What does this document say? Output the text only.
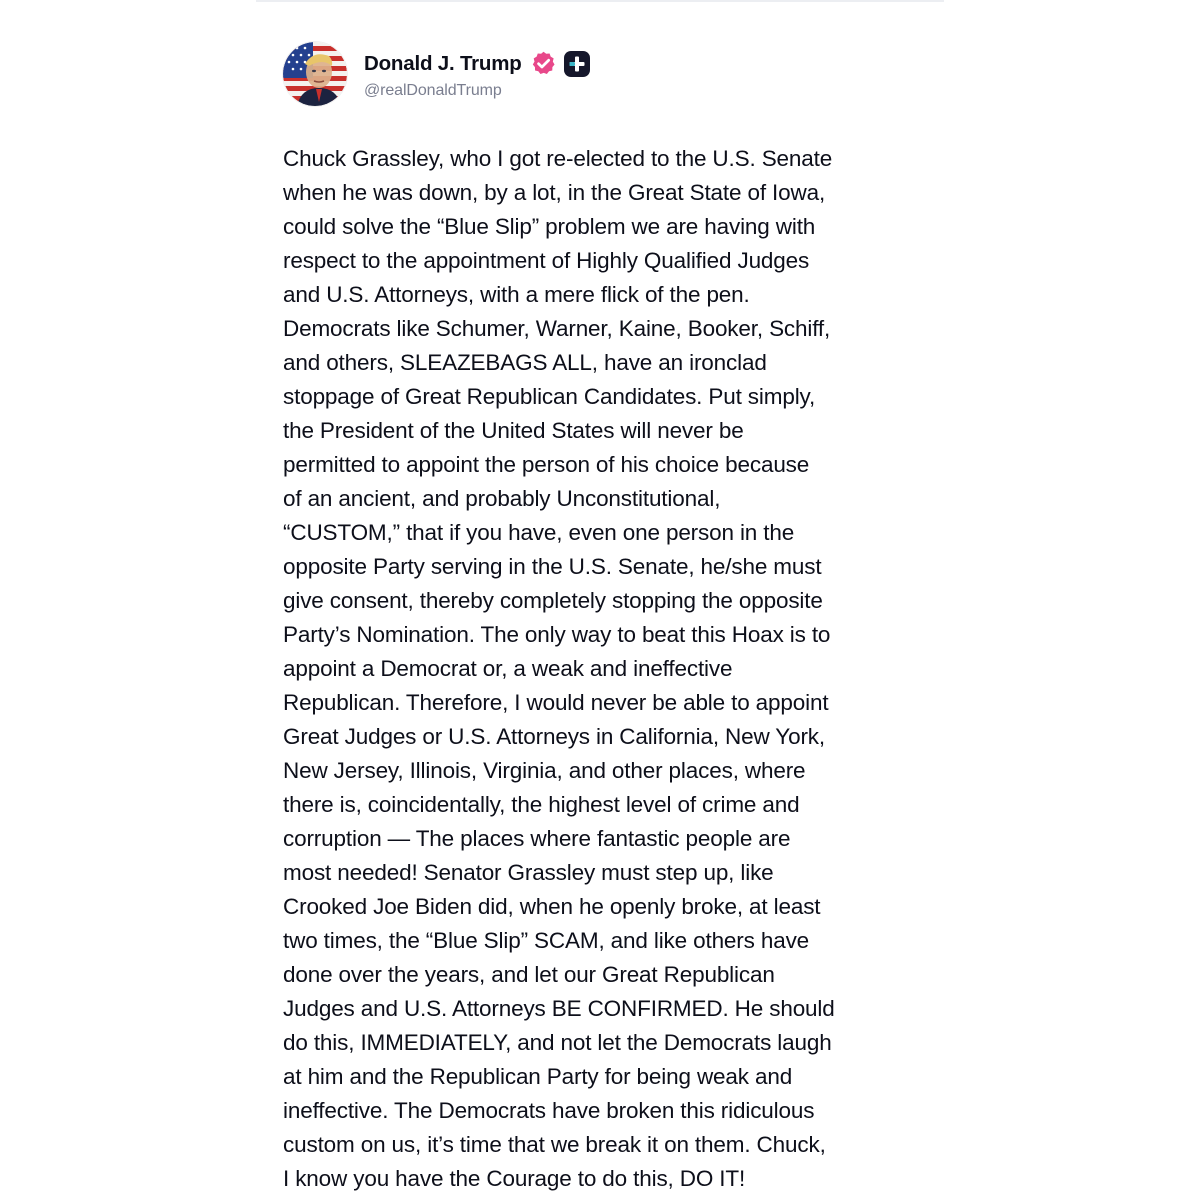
Donald J. Trump
@realDonaldTrump
Chuck Grassley, who I got re-elected to the U.S. Senate
when he was down, by a lot, in the Great State of Iowa,
could solve the “Blue Slip” problem we are having with
respect to the appointment of Highly Qualified Judges
and U.S. Attorneys, with a mere flick of the pen.
Democrats like Schumer, Warner, Kaine, Booker, Schiff,
and others, SLEAZEBAGS ALL, have an ironclad
stoppage of Great Republican Candidates. Put simply,
the President of the United States will never be
permitted to appoint the person of his choice because
of an ancient, and probably Unconstitutional,
“CUSTOM,” that if you have, even one person in the
opposite Party serving in the U.S. Senate, he/she must
give consent, thereby completely stopping the opposite
Party’s Nomination. The only way to beat this Hoax is to
appoint a Democrat or, a weak and ineffective
Republican. Therefore, I would never be able to appoint
Great Judges or U.S. Attorneys in California, New York,
New Jersey, Illinois, Virginia, and other places, where
there is, coincidentally, the highest level of crime and
corruption — The places where fantastic people are
most needed! Senator Grassley must step up, like
Crooked Joe Biden did, when he openly broke, at least
two times, the “Blue Slip” SCAM, and like others have
done over the years, and let our Great Republican
Judges and U.S. Attorneys BE CONFIRMED. He should
do this, IMMEDIATELY, and not let the Democrats laugh
at him and the Republican Party for being weak and
ineffective. The Democrats have broken this ridiculous
custom on us, it’s time that we break it on them. Chuck,
I know you have the Courage to do this, DO IT!
